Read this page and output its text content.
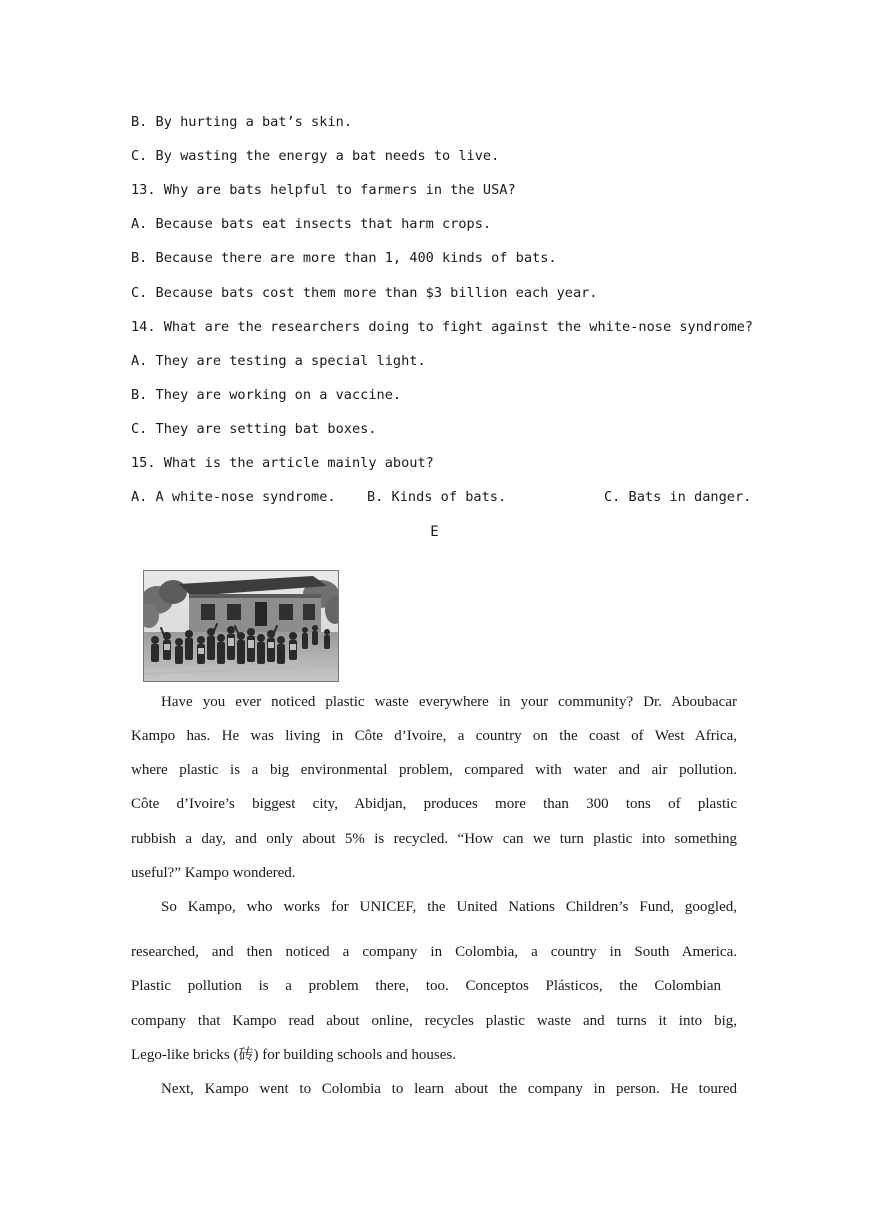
B. By hurting a bat’s skin.
C. By wasting the energy a bat needs to live.
13. Why are bats helpful to farmers in the USA?
A. Because bats eat insects that harm crops.
B. Because there are more than 1, 400 kinds of bats.
C. Because bats cost them more than $3 billion each year.
14. What are the researchers doing to fight against the white-nose syndrome?
A. They are testing a special light.
B. They are working on a vaccine.
C. They are setting bat boxes.
15. What is the article mainly about?
A. A white-nose syndrome. B. Kinds of bats.	C. Bats in danger.
E
Have you ever noticed plastic waste everywhere in your community? Dr. Aboubacar
Kampo has. He was living in Côte d’Ivoire, a country on the coast of West Africa,
where plastic is a big environmental problem, compared with water and air pollution.
Côte d’Ivoire’s biggest city, Abidjan, produces more than 300 tons of plastic
rubbish a day, and only about 5% is recycled. “How can we turn plastic into something
useful?” Kampo wondered.
So Kampo, who works for UNICEF, the United Nations Children’s Fund, googled,
researched, and then noticed a company in Colombia, a country in South America.
Plastic pollution is a problem there, too. Conceptos Plásticos, the Colombian
company that Kampo read about online, recycles plastic waste and turns it into big,
Lego-like bricks (砖) for building schools and houses.
Next, Kampo went to Colombia to learn about the company in person. He toured
